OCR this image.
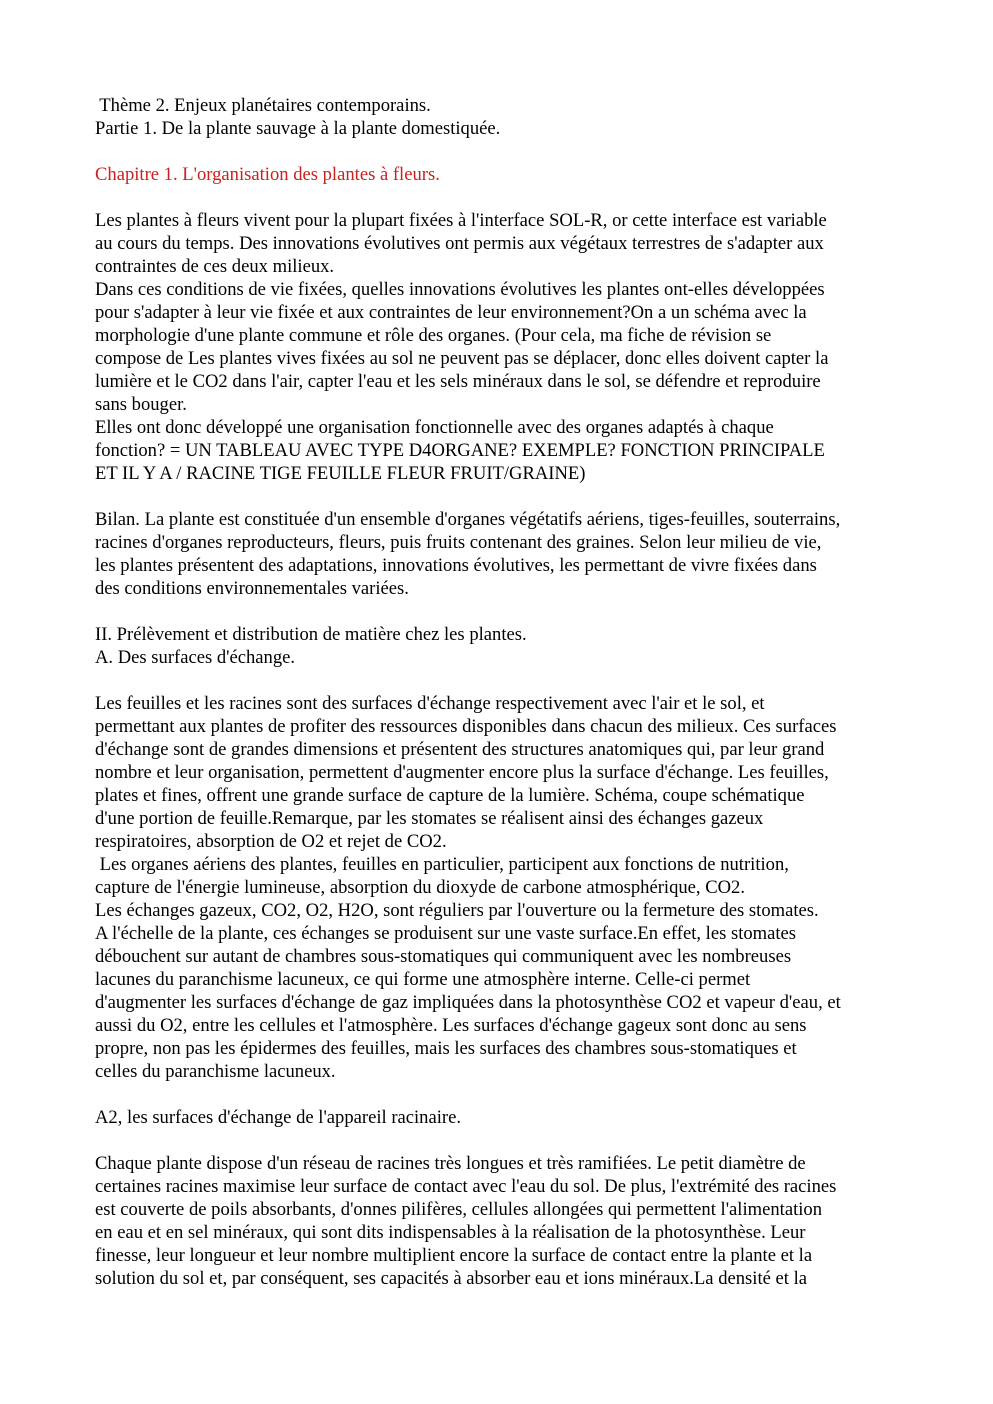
Thème 2. Enjeux planétaires contemporains.
Partie 1. De la plante sauvage à la plante domestiquée.
Chapitre 1. L'organisation des plantes à fleurs.
Les plantes à fleurs vivent pour la plupart fixées à l'interface SOL-R, or cette interface est variable
au cours du temps. Des innovations évolutives ont permis aux végétaux terrestres de s'adapter aux
contraintes de ces deux milieux.
Dans ces conditions de vie fixées, quelles innovations évolutives les plantes ont-elles développées
pour s'adapter à leur vie fixée et aux contraintes de leur environnement?On a un schéma avec la
morphologie d'une plante commune et rôle des organes. (Pour cela, ma fiche de révision se
compose de Les plantes vives fixées au sol ne peuvent pas se déplacer, donc elles doivent capter la
lumière et le CO2 dans l'air, capter l'eau et les sels minéraux dans le sol, se défendre et reproduire
sans bouger.
Elles ont donc développé une organisation fonctionnelle avec des organes adaptés à chaque
fonction? = UN TABLEAU AVEC TYPE D4ORGANE? EXEMPLE? FONCTION PRINCIPALE
ET IL Y A / RACINE TIGE FEUILLE FLEUR FRUIT/GRAINE)
Bilan. La plante est constituée d'un ensemble d'organes végétatifs aériens, tiges-feuilles, souterrains,
racines d'organes reproducteurs, fleurs, puis fruits contenant des graines. Selon leur milieu de vie,
les plantes présentent des adaptations, innovations évolutives, les permettant de vivre fixées dans
des conditions environnementales variées.
II. Prélèvement et distribution de matière chez les plantes.
A. Des surfaces d'échange.
Les feuilles et les racines sont des surfaces d'échange respectivement avec l'air et le sol, et
permettant aux plantes de profiter des ressources disponibles dans chacun des milieux. Ces surfaces
d'échange sont de grandes dimensions et présentent des structures anatomiques qui, par leur grand
nombre et leur organisation, permettent d'augmenter encore plus la surface d'échange. Les feuilles,
plates et fines, offrent une grande surface de capture de la lumière. Schéma, coupe schématique
d'une portion de feuille.Remarque, par les stomates se réalisent ainsi des échanges gazeux
respiratoires, absorption de O2 et rejet de CO2.
Les organes aériens des plantes, feuilles en particulier, participent aux fonctions de nutrition,
capture de l'énergie lumineuse, absorption du dioxyde de carbone atmosphérique, CO2.
Les échanges gazeux, CO2, O2, H2O, sont réguliers par l'ouverture ou la fermeture des stomates.
A l'échelle de la plante, ces échanges se produisent sur une vaste surface.En effet, les stomates
débouchent sur autant de chambres sous-stomatiques qui communiquent avec les nombreuses
lacunes du paranchisme lacuneux, ce qui forme une atmosphère interne. Celle-ci permet
d'augmenter les surfaces d'échange de gaz impliquées dans la photosynthèse CO2 et vapeur d'eau, et
aussi du O2, entre les cellules et l'atmosphère. Les surfaces d'échange gageux sont donc au sens
propre, non pas les épidermes des feuilles, mais les surfaces des chambres sous-stomatiques et
celles du paranchisme lacuneux.
A2, les surfaces d'échange de l'appareil racinaire.
Chaque plante dispose d'un réseau de racines très longues et très ramifiées. Le petit diamètre de
certaines racines maximise leur surface de contact avec l'eau du sol. De plus, l'extrémité des racines
est couverte de poils absorbants, d'onnes pilifères, cellules allongées qui permettent l'alimentation
en eau et en sel minéraux, qui sont dits indispensables à la réalisation de la photosynthèse. Leur
finesse, leur longueur et leur nombre multiplient encore la surface de contact entre la plante et la
solution du sol et, par conséquent, ses capacités à absorber eau et ions minéraux.La densité et la
